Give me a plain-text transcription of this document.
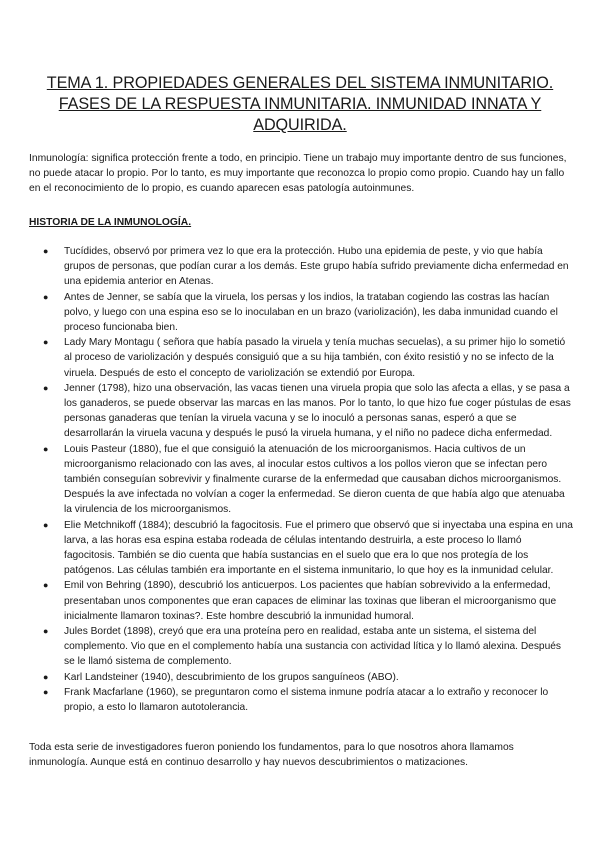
TEMA 1. PROPIEDADES GENERALES DEL SISTEMA INMUNITARIO.
FASES DE LA RESPUESTA INMUNITARIA. INMUNIDAD INNATA Y
ADQUIRIDA.

Inmunología: significa protección frente a todo, en principio. Tiene un trabajo muy importante dentro de sus funciones, no puede atacar lo propio. Por lo tanto, es muy importante que reconozca lo propio como propio. Cuando hay un fallo en el reconocimiento de lo propio, es cuando aparecen esas patología autoinmunes.

HISTORIA DE LA INMUNOLOGÍA.
● Tucídides, observó por primera vez lo que era la protección. Hubo una epidemia de peste, y vio que había grupos de personas, que podían curar a los demás. Este grupo había sufrido previamente dicha enfermedad en una epidemia anterior en Atenas.
● Antes de Jenner, se sabía que la viruela, los persas y los indios, la trataban cogiendo las costras las hacían polvo, y luego con una espina eso se lo inoculaban en un brazo (variolización), les daba inmunidad cuando el proceso funcionaba bien.
● Lady Mary Montagu ( señora que había pasado la viruela y tenía muchas secuelas), a su primer hijo lo sometió al proceso de variolización y después consiguió que a su hija también, con éxito resistió y no se infecto de la viruela. Después de esto el concepto de variolización se extendió por Europa.
● Jenner (1798), hizo una observación, las vacas tienen una viruela propia que solo las afecta a ellas, y se pasa a los ganaderos, se puede observar las marcas en las manos. Por lo tanto, lo que hizo fue coger pústulas de esas personas ganaderas que tenían la viruela vacuna y se lo inoculó a personas sanas, esperó a que se desarrollarán la viruela vacuna y después le pusó la viruela humana, y el niño no padece dicha enfermedad.
● Louis Pasteur (1880), fue el que consiguió la atenuación de los microorganismos. Hacia cultivos de un microorganismo relacionado con las aves, al inocular estos cultivos a los pollos vieron que se infectan pero también conseguían sobrevivir y finalmente curarse de la enfermedad que causaban dichos microorganismos. Después la ave infectada no volvían a coger la enfermedad. Se dieron cuenta de que había algo que atenuaba la virulencia de los microorganismos.
● Elie Metchnikoff (1884); descubrió la fagocitosis. Fue el primero que observó que si inyectaba una espina en una larva, a las horas esa espina estaba rodeada de células intentando destruirla, a este proceso lo llamó fagocitosis. También se dio cuenta que había sustancias en el suelo que era lo que nos protegía de los patógenos. Las células también era importante en el sistema inmunitario, lo que hoy es la inmunidad celular.
● Emil von Behring (1890), descubrió los anticuerpos. Los pacientes que habían sobrevivido a la enfermedad, presentaban unos componentes que eran capaces de eliminar las toxinas que liberan el microorganismo que inicialmente llamaron toxinas?. Este hombre descubrió la inmunidad humoral.
● Jules Bordet (1898), creyó que era una proteína pero en realidad, estaba ante un sistema, el sistema del complemento. Vio que en el complemento había una sustancia con actividad lítica y lo llamó alexina. Después se le llamó sistema de complemento.
● Karl Landsteiner (1940), descubrimiento de los grupos sanguíneos (ABO).
● Frank Macfarlane (1960), se preguntaron como el sistema inmune podría atacar a lo extraño y reconocer lo propio, a esto lo llamaron autotolerancia.

Toda esta serie de investigadores fueron poniendo los fundamentos, para lo que nosotros ahora llamamos inmunología. Aunque está en continuo desarrollo y hay nuevos descubrimientos o matizaciones.
